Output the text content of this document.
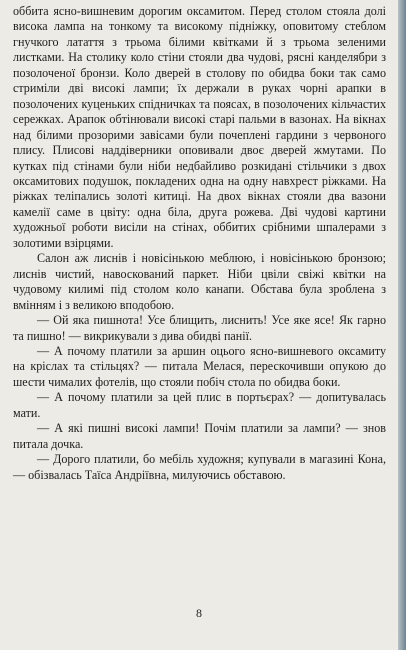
оббита ясно-вишневим дорогим оксамитом. Перед столом стояла долі висока лампа на тонкому та високому підніжку, оповитому стеблом гнучкого латаття з трьома білими квітками й з трьома зеленими листками. На столику коло стіни стояли два чудові, рясні канделябри з позолоченої бронзи. Коло дверей в столову по обидва боки так само стриміли дві високі лампи; їх держали в руках чорні арапки в позолочених куценьких спідничках та поясах, в позолочених кільчастих сережках. Арапок обтінювали високі старі пальми в вазонах. На вікнах над білими прозорими завісами були почеплені гардини з червоного плису. Плисові наддіверники оповивали двоє дверей жмутами. По кутках під стінами були ніби недбайливо розкидані стільчики з двох оксамитових подушок, покладених одна на одну навхрест ріжками. На ріжках теліпались золоті китиці. На двох вікнах стояли два вазони камелії саме в цвіту: одна біла, друга рожева. Дві чудові картини художньої роботи висіли на стінах, оббитих срібними шпалерами з золотими взірцями.

Салон аж лиснів і новісінькою меблюю, і новісінькою бронзою; лиснів чистий, навоскований паркет. Ніби цвіли свіжі квітки на чудовому килимі під столом коло канапи. Обстава була зроблена з вмінням і з великою вподобою.

— Ой яка пишнота! Усе блищить, лиснить! Усе яке ясе! Як гарно та пишно! — викрикували з дива обидві панії.

— А почому платили за аршин оцього ясно-вишневого оксамиту на кріслах та стільцях? — питала Мелася, перескочивши опукою до шести чималих фотелів, що стояли побіч стола по обидва боки.

— А почому платили за цей плис в портьєрах? — допитувалась мати.

— А які пишні високі лампи! Почім платили за лампи? — знов питала дочка.

— Дорого платили, бо мебіль художня; купували в магазині Кона, — обізвалась Таїса Андріївна, милуючись обставою.

8
